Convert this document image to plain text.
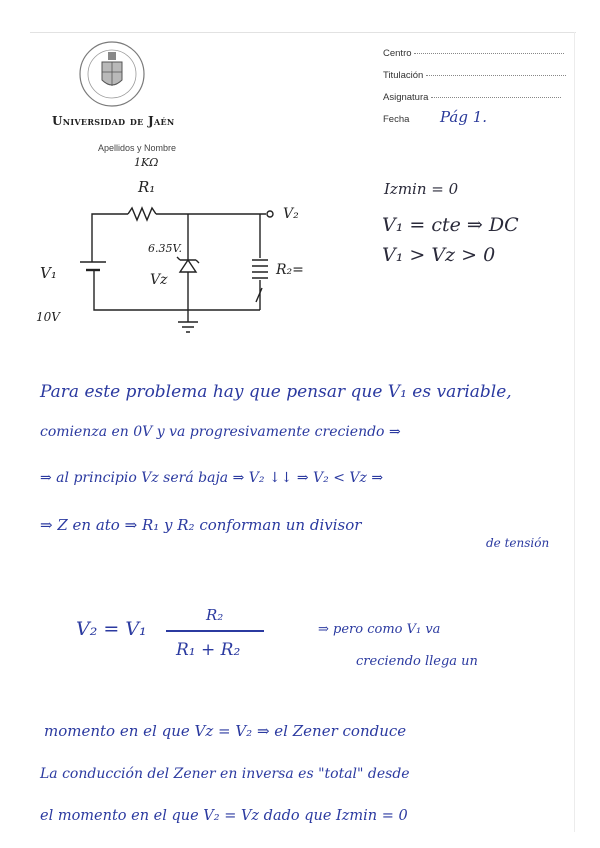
Universidad de Jaén
Centro
Titulación
Asignatura
Fecha Pág 1.
Apellidos y Nombre
1KΩ
R₁
V₂
6.35V.
Vz
R₂=
V₁
10V
Izmin = 0
V₁ = cte ⇒ DC
V₁ > Vz > 0
Para este problema hay que pensar que V₁ es variable,
comienza en 0V y va progresivamente creciendo ⇒
⇒ al principio Vz será baja ⇒ V₂ ↓↓ ⇒ V₂ < Vz ⇒
⇒ Z en ato ⇒ R₁ y R₂ conforman un divisor
de tensión
V₂ = V₁
R₂
R₁ + R₂
⇒ pero como V₁ va
creciendo llega un
momento en el que Vz = V₂ ⇒ el Zener conduce
La conducción del Zener en inversa es "total" desde
el momento en el que V₂ = Vz dado que Izmin = 0
